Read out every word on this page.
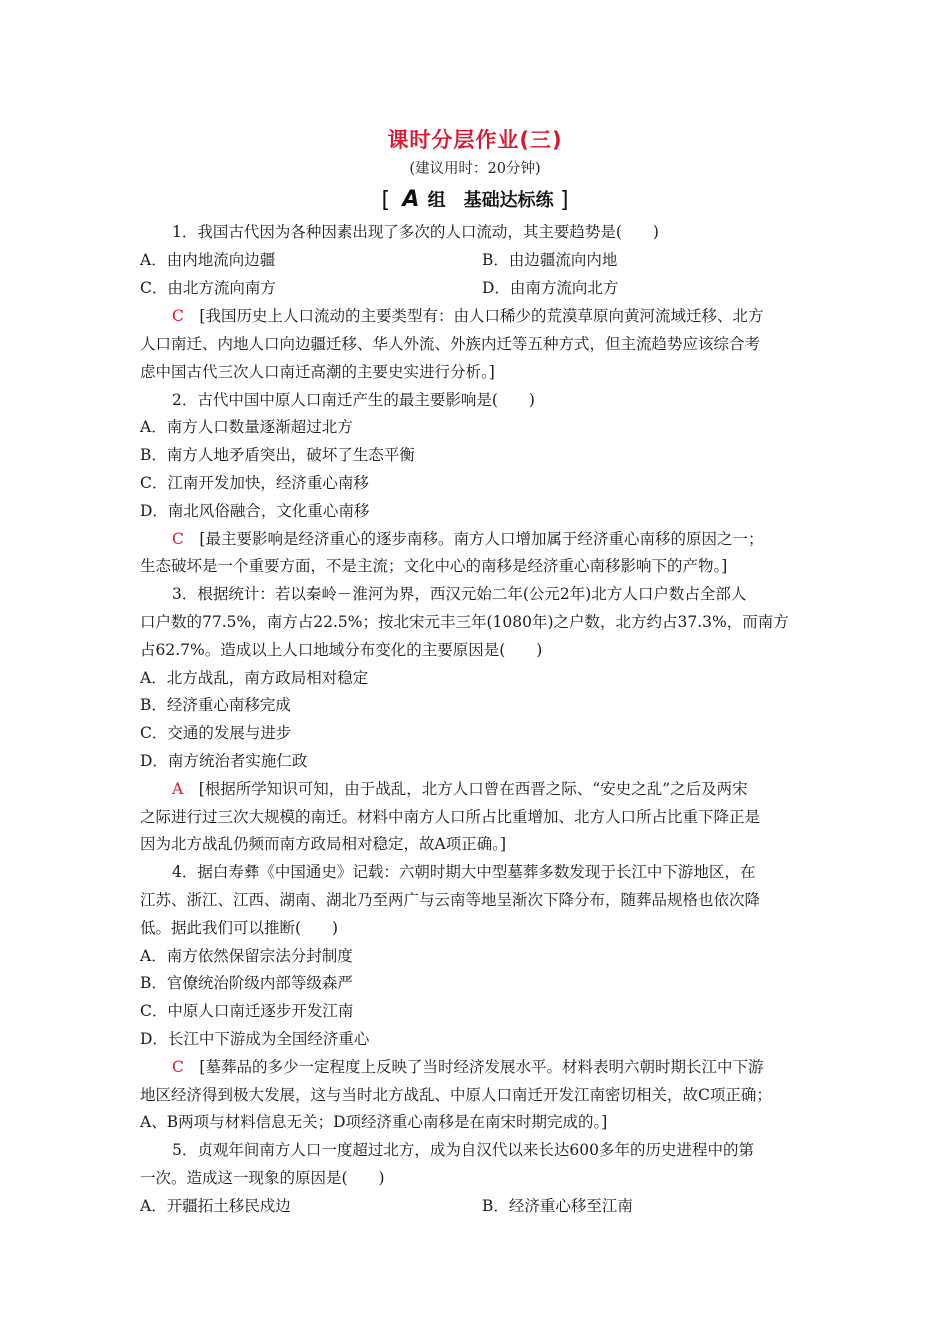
课时分层作业(三)
(建议用时：20分钟)
[ A 组　基础达标练 ]
1．我国古代因为各种因素出现了多次的人口流动，其主要趋势是(　　)
A．由内地流向边疆	B．由边疆流向内地
C．由北方流向南方	D．由南方流向北方
C　 [我国历史上人口流动的主要类型有：由人口稀少的荒漠草原向黄河流域迁移、北方
人口南迁、内地人口向边疆迁移、华人外流、外族内迁等五种方式，但主流趋势应该综合考
虑中国古代三次人口南迁高潮的主要史实进行分析。]
2．古代中国中原人口南迁产生的最主要影响是(　　)
A．南方人口数量逐渐超过北方
B．南方人地矛盾突出，破坏了生态平衡
C．江南开发加快，经济重心南移
D．南北风俗融合，文化重心南移
C　 [最主要影响是经济重心的逐步南移。南方人口增加属于经济重心南移的原因之一；
生态破坏是一个重要方面，不是主流；文化中心的南移是经济重心南移影响下的产物。]
3．根据统计：若以秦岭－淮河为界，西汉元始二年(公元2年)北方人口户数占全部人
口户数的77.5%，南方占22.5%；按北宋元丰三年(1080年)之户数，北方约占37.3%，而南方
占62.7%。造成以上人口地域分布变化的主要原因是(　　)
A．北方战乱，南方政局相对稳定
B．经济重心南移完成
C．交通的发展与进步
D．南方统治者实施仁政
A　 [根据所学知识可知，由于战乱，北方人口曾在西晋之际、“安史之乱”之后及两宋
之际进行过三次大规模的南迁。材料中南方人口所占比重增加、北方人口所占比重下降正是
因为北方战乱仍频而南方政局相对稳定，故A项正确。]
4．据白寿彝《中国通史》记载：六朝时期大中型墓葬多数发现于长江中下游地区，在
江苏、浙江、江西、湖南、湖北乃至两广与云南等地呈渐次下降分布，随葬品规格也依次降
低。据此我们可以推断(　　)
A．南方依然保留宗法分封制度
B．官僚统治阶级内部等级森严
C．中原人口南迁逐步开发江南
D．长江中下游成为全国经济重心
C　 [墓葬品的多少一定程度上反映了当时经济发展水平。材料表明六朝时期长江中下游
地区经济得到极大发展，这与当时北方战乱、中原人口南迁开发江南密切相关，故C项正确；
A、B两项与材料信息无关；D项经济重心南移是在南宋时期完成的。]
5．贞观年间南方人口一度超过北方，成为自汉代以来长达600多年的历史进程中的第
一次。造成这一现象的原因是(　　)
A．开疆拓土移民戍边	B．经济重心移至江南
